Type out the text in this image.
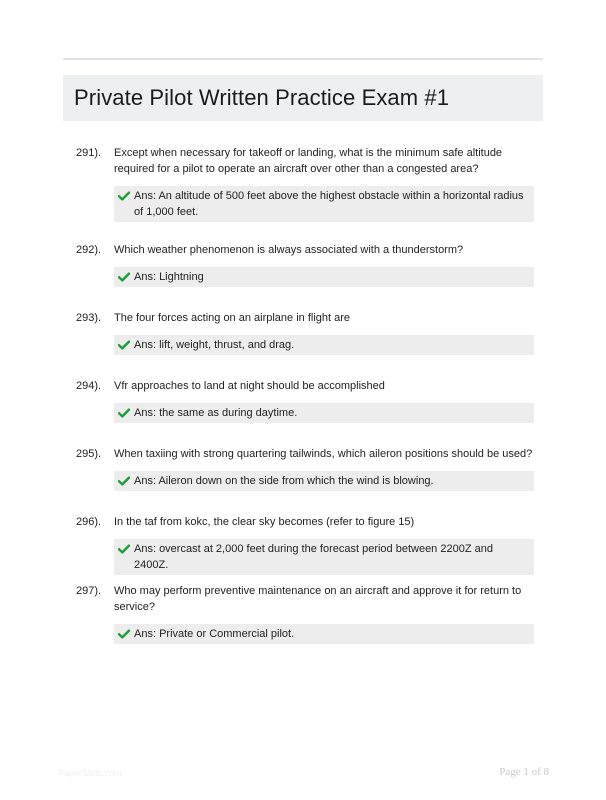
Private Pilot Written Practice Exam #1
291).	Except when necessary for takeoff or landing, what is the minimum safe altitude required for a pilot to operate an aircraft over other than a congested area?
Ans: An altitude of 500 feet above the highest obstacle within a horizontal radius of 1,000 feet.
292).	Which weather phenomenon is always associated with a thunderstorm?
Ans: Lightning
293).	The four forces acting on an airplane in flight are
Ans: lift, weight, thrust, and drag.
294).	Vfr approaches to land at night should be accomplished
Ans: the same as during daytime.
295).	When taxiing with strong quartering tailwinds, which aileron positions should be used?
Ans: Aileron down on the side from which the wind is blowing.
296).	In the taf from kokc, the clear sky becomes (refer to figure 15)
Ans: overcast at 2,000 feet during the forecast period between 2200Z and 2400Z.
297).	Who may perform preventive maintenance on an aircraft and approve it for return to service?
Ans: Private or Commercial pilot.
PaperStoic.com	Page 1 of 8
